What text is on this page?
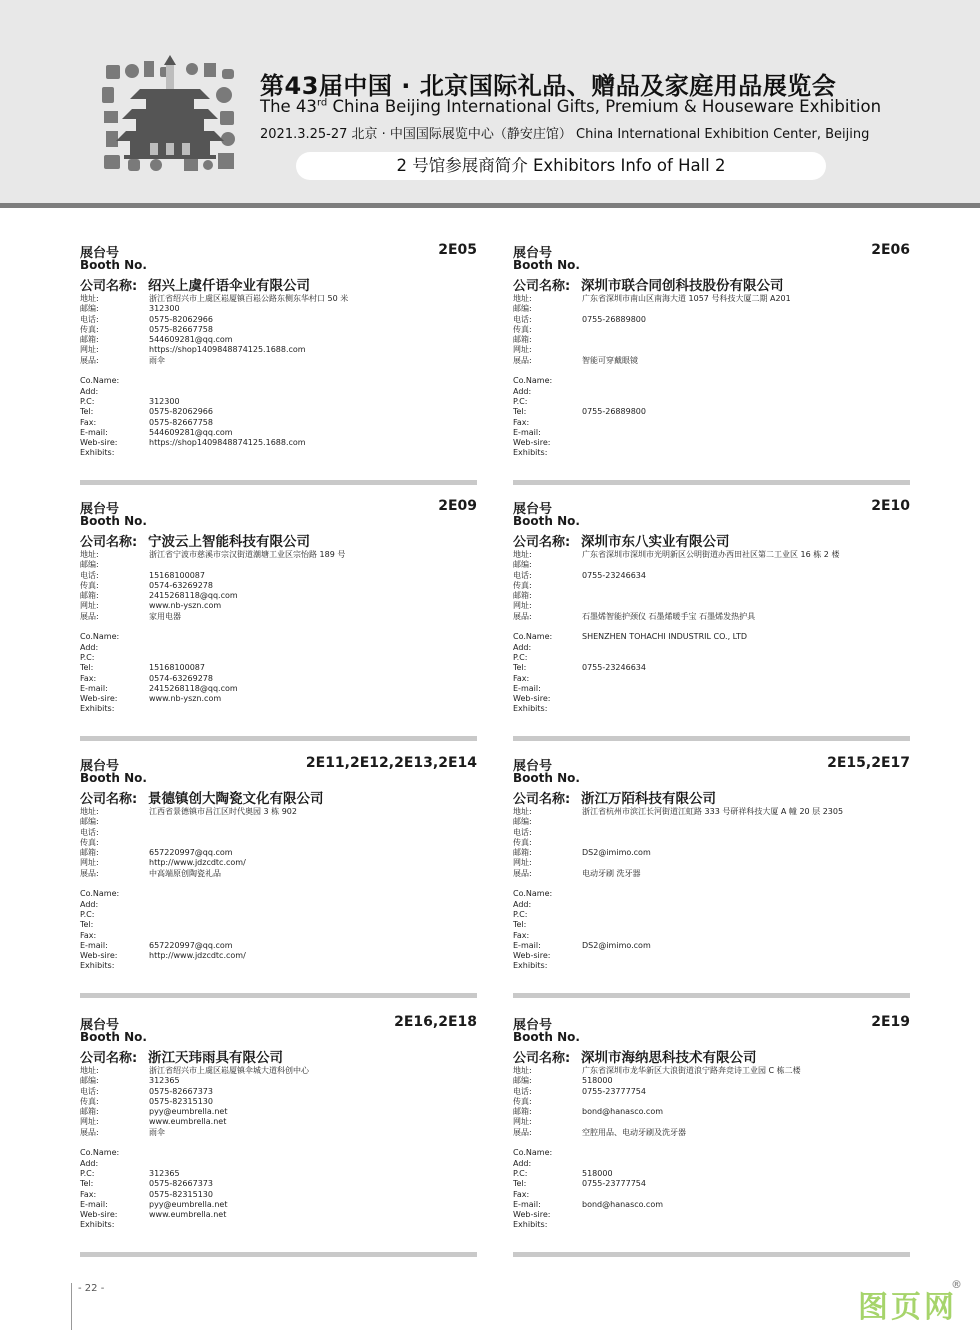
第43届中国 · 北京国际礼品、赠品及家庭用品展览会
The 43rd China Beijing International Gifts, Premium & Houseware Exhibition
2021.3.25-27 北京 · 中国国际展览中心（静安庄馆） China International Exhibition Center, Beijing
2 号馆参展商简介 Exhibitors Info of Hall 2
展台号
Booth No.
2E05
公司名称: 绍兴上虞仟语伞业有限公司
地址:	浙江省绍兴市上虞区崧厦镇百崧公路东侧东华村口 50 米
邮编:	312300
电话:	0575-82062966
传真:	0575-82667758
邮箱:	544609281@qq.com
网址:	https://shop1409848874125.1688.com
展品:	雨伞
Co.Name:
Add:
P.C:	312300
Tel:	0575-82062966
Fax:	0575-82667758
E-mail:	544609281@qq.com
Web-sire:	https://shop1409848874125.1688.com
Exhibits:
展台号
Booth No.
2E06
公司名称: 深圳市联合同创科技股份有限公司
地址:	广东省深圳市南山区南海大道 1057 号科技大厦二期 A201
邮编:
电话:	0755-26889800
传真:
邮箱:
网址:
展品:	智能可穿戴眼镜
Co.Name:
Add:
P.C:
Tel:	0755-26889800
Fax:
E-mail:
Web-sire:
Exhibits:
展台号
Booth No.
2E09
公司名称: 宁波云上智能科技有限公司
地址:	浙江省宁波市慈溪市宗汉街道潮塘工业区宗怡路 189 号
邮编:
电话:	15168100087
传真:	0574-63269278
邮箱:	2415268118@qq.com
网址:	www.nb-yszn.com
展品:	家用电器
Co.Name:
Add:
P.C:
Tel:	15168100087
Fax:	0574-63269278
E-mail:	2415268118@qq.com
Web-sire:	www.nb-yszn.com
Exhibits:
展台号
Booth No.
2E10
公司名称: 深圳市东八实业有限公司
地址:	广东省深圳市深圳市光明新区公明街道办西田社区第二工业区 16 栋 2 楼
邮编:
电话:	0755-23246634
传真:
邮箱:
网址:
展品:	石墨烯智能护颈仪 石墨烯暖手宝 石墨烯发热护具
Co.Name:	SHENZHEN TOHACHI INDUSTRIL CO., LTD
Add:
P.C:
Tel:	0755-23246634
Fax:
E-mail:
Web-sire:
Exhibits:
展台号
Booth No.
2E11,2E12,2E13,2E14
公司名称: 景德镇创大陶瓷文化有限公司
地址:	江西省景德镇市昌江区时代奥园 3 栋 902
邮编:
电话:
传真:
邮箱:	657220997@qq.com
网址:	http://www.jdzcdtc.com/
展品:	中高端原创陶瓷礼品
Co.Name:
Add:
P.C:
Tel:
Fax:
E-mail:	657220997@qq.com
Web-sire:	http://www.jdzcdtc.com/
Exhibits:
展台号
Booth No.
2E15,2E17
公司名称: 浙江万陌科技有限公司
地址:	浙江省杭州市滨江长河街道江虹路 333 号研祥科技大厦 A 幢 20 层 2305
邮编:
电话:
传真:
邮箱:	DS2@imimo.com
网址:
展品:	电动牙刷 洗牙器
Co.Name:
Add:
P.C:
Tel:
Fax:
E-mail:	DS2@imimo.com
Web-sire:
Exhibits:
展台号
Booth No.
2E16,2E18
公司名称: 浙江天玮雨具有限公司
地址:	浙江省绍兴市上虞区崧厦镇伞城大道科创中心
邮编:	312365
电话:	0575-82667373
传真:	0575-82315130
邮箱:	pyy@eumbrella.net
网址:	www.eumbrella.net
展品:	雨伞
Co.Name:
Add:
P.C:	312365
Tel:	0575-82667373
Fax:	0575-82315130
E-mail:	pyy@eumbrella.net
Web-sire:	www.eumbrella.net
Exhibits:
展台号
Booth No.
2E19
公司名称: 深圳市海纳思科技术有限公司
地址:	广东省深圳市龙华新区大浪街道浪宁路奔竞诗工业园 C 栋二楼
邮编:	518000
电话:	0755-23777754
传真:
邮箱:	bond@hanasco.com
网址:
展品:	空腔用品、电动牙刷及洗牙器
Co.Name:
Add:
P.C:	518000
Tel:	0755-23777754
Fax:
E-mail:	bond@hanasco.com
Web-sire:
Exhibits:
- 22 -
图页网
®
